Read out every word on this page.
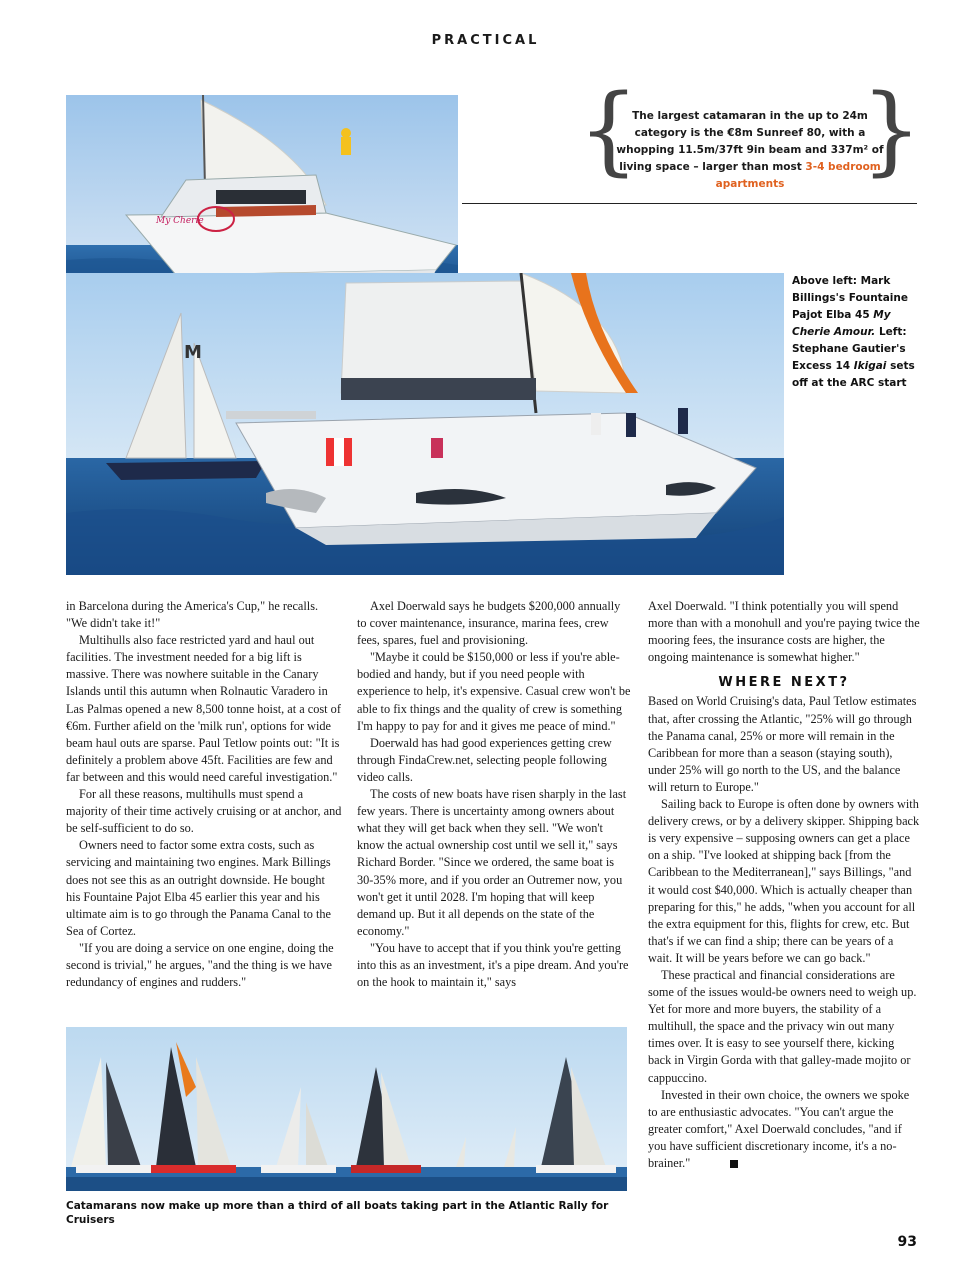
PRACTICAL
My Cherie
{ }
The largest catamaran in the up to 24m category is the €8m Sunreef 80, with a whopping 11.5m/37ft 9in beam and 337m² of living space – larger than most 3-4 bedroom apartments
M
Above left: Mark Billings's Fountaine Pajot Elba 45 My Cherie Amour. Left: Stephane Gautier's Excess 14 Ikigai sets off at the ARC start

in Barcelona during the America's Cup," he recalls. "We didn't take it!"

Multihulls also face restricted yard and haul out facilities. The investment needed for a big lift is massive. There was nowhere suitable in the Canary Islands until this autumn when Rolnautic Varadero in Las Palmas opened a new 8,500 tonne hoist, at a cost of €6m. Further afield on the 'milk run', options for wide beam haul outs are sparse. Paul Tetlow points out: "It is definitely a problem above 45ft. Facilities are few and far between and this would need careful investigation."

For all these reasons, multihulls must spend a majority of their time actively cruising or at anchor, and be self-sufficient to do so.

Owners need to factor some extra costs, such as servicing and maintaining two engines. Mark Billings does not see this as an outright downside. He bought his Fountaine Pajot Elba 45 earlier this year and his ultimate aim is to go through the Panama Canal to the Sea of Cortez.

"If you are doing a service on one engine, doing the second is trivial," he argues, "and the thing is we have redundancy of engines and rudders."

Axel Doerwald says he budgets $200,000 annually to cover maintenance, insurance, marina fees, crew fees, spares, fuel and provisioning.

"Maybe it could be $150,000 or less if you're able-bodied and handy, but if you need people with experience to help, it's expensive. Casual crew won't be able to fix things and the quality of crew is something I'm happy to pay for and it gives me peace of mind."

Doerwald has had good experiences getting crew through FindaCrew.net, selecting people following video calls.

The costs of new boats have risen sharply in the last few years. There is uncertainty among owners about what they will get back when they sell. "We won't know the actual ownership cost until we sell it," says Richard Border. "Since we ordered, the same boat is 30-35% more, and if you order an Outremer now, you won't get it until 2028. I'm hoping that will keep demand up. But it all depends on the state of the economy."

"You have to accept that if you think you're getting into this as an investment, it's a pipe dream. And you're on the hook to maintain it," says

Axel Doerwald. "I think potentially you will spend more than with a monohull and you're paying twice the mooring fees, the insurance costs are higher, the ongoing maintenance is somewhat higher."

WHERE NEXT?

Based on World Cruising's data, Paul Tetlow estimates that, after crossing the Atlantic, "25% will go through the Panama canal, 25% or more will remain in the Caribbean for more than a season (staying south), under 25% will go north to the US, and the balance will return to Europe."

Sailing back to Europe is often done by owners with delivery crews, or by a delivery skipper. Shipping back is very expensive – supposing owners can get a place on a ship. "I've looked at shipping back [from the Caribbean to the Mediterranean]," says Billings, "and it would cost $40,000. Which is actually cheaper than preparing for this," he adds, "when you account for all the extra equipment for this, flights for crew, etc. But that's if we can find a ship; there can be years of a wait. It will be years before we can go back."

These practical and financial considerations are some of the issues would-be owners need to weigh up. Yet for more and more buyers, the stability of a multihull, the space and the privacy win out many times over. It is easy to see yourself there, kicking back in Virgin Gorda with that galley-made mojito or cappuccino.

Invested in their own choice, the owners we spoke to are enthusiastic advocates. "You can't argue the greater comfort," Axel Doerwald concludes, "and if you have sufficient discretionary income, it's a no-brainer."

Catamarans now make up more than a third of all boats taking part in the Atlantic Rally for Cruisers
93
